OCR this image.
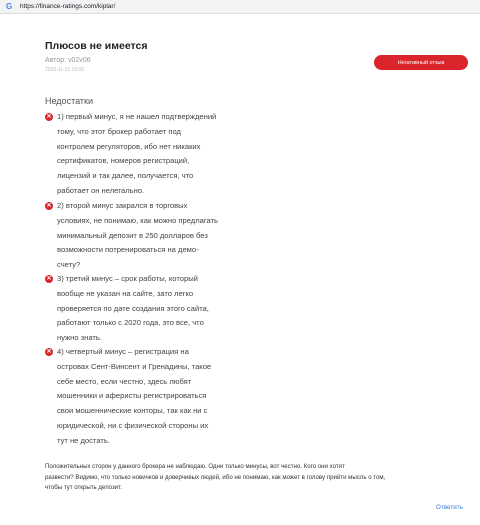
G https://finance-ratings.com/kiplar/
Плюсов не имеется
Автор: v02v06
2020-11-23 10:00
Негативный отзыв
Недостатки
✕ 1) первый минус, я не нашел подтверждений
тому, что этот брокер работает под
контролем регуляторов, ибо нет никаких
сертификатов, номеров регистраций,
лицензий и так далее, получается, что
работает он нелегально.
✕ 2) второй минус закрался в торговых
условиях, не понимаю, как можно предлагать
минимальный депозит в 250 долларов без
возможности потренироваться на демо-
счету?
✕ 3) третий минус – срок работы, который
вообще не указан на сайте, зато легко
проверяется по дате создания этого сайта,
работают только с 2020 года, это все, что
нужно знать.
✕ 4) четвертый минус – регистрация на
островах Сент-Винсент и Гренадины, такое
себе место, если честно, здесь любят
мошенники и аферисты регистрироваться
свои мошеннические конторы, так как ни с
юридической, ни с физической стороны их
тут не достать.
Положительных сторон у данного брокера не наблюдаю. Одни только минусы, вот честно. Кого они хотят
развести? Видимо, что только новичков и доверчивых людей, ибо не понимаю, как может в голову прийти мысль о том,
чтобы тут открыть депозит.
Ответить
